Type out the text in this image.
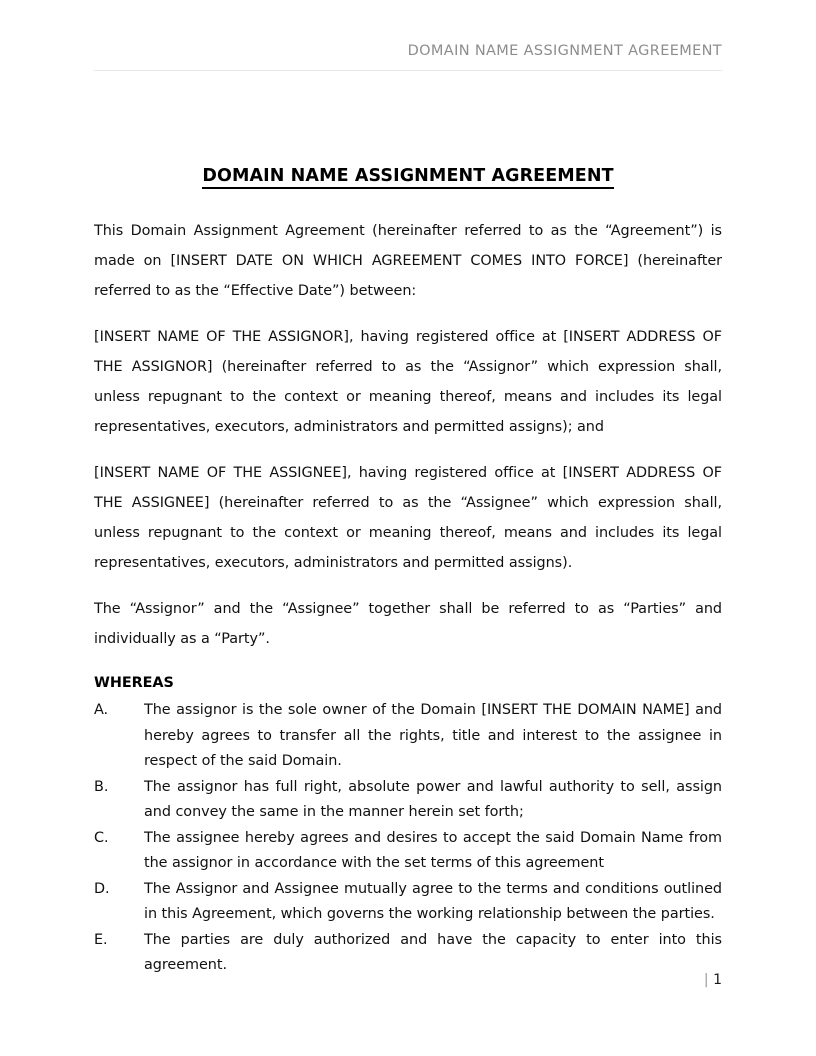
DOMAIN NAME ASSIGNMENT AGREEMENT
DOMAIN NAME ASSIGNMENT AGREEMENT

This Domain Assignment Agreement (hereinafter referred to as the “Agreement”) is made on [INSERT DATE ON WHICH AGREEMENT COMES INTO FORCE] (hereinafter referred to as the “Effective Date”) between:

[INSERT NAME OF THE ASSIGNOR], having registered office at [INSERT ADDRESS OF THE ASSIGNOR] (hereinafter referred to as the “Assignor” which expression shall, unless repugnant to the context or meaning thereof, means and includes its legal representatives, executors, administrators and permitted assigns); and

[INSERT NAME OF THE ASSIGNEE], having registered office at [INSERT ADDRESS OF THE ASSIGNEE] (hereinafter referred to as the “Assignee” which expression shall, unless repugnant to the context or meaning thereof, means and includes its legal representatives, executors, administrators and permitted assigns).

The “Assignor” and the “Assignee” together shall be referred to as “Parties” and individually as a “Party”.

WHEREAS
A.	The assignor is the sole owner of the Domain [INSERT THE DOMAIN NAME] and hereby agrees to transfer all the rights, title and interest to the assignee in respect of the said Domain.
B.	The assignor has full right, absolute power and lawful authority to sell, assign and convey the same in the manner herein set forth;
C.	The assignee hereby agrees and desires to accept the said Domain Name from the assignor in accordance with the set terms of this agreement
D.	The Assignor and Assignee mutually agree to the terms and conditions outlined in this Agreement, which governs the working relationship between the parties.
E.	The parties are duly authorized and have the capacity to enter into this agreement.
| 1
